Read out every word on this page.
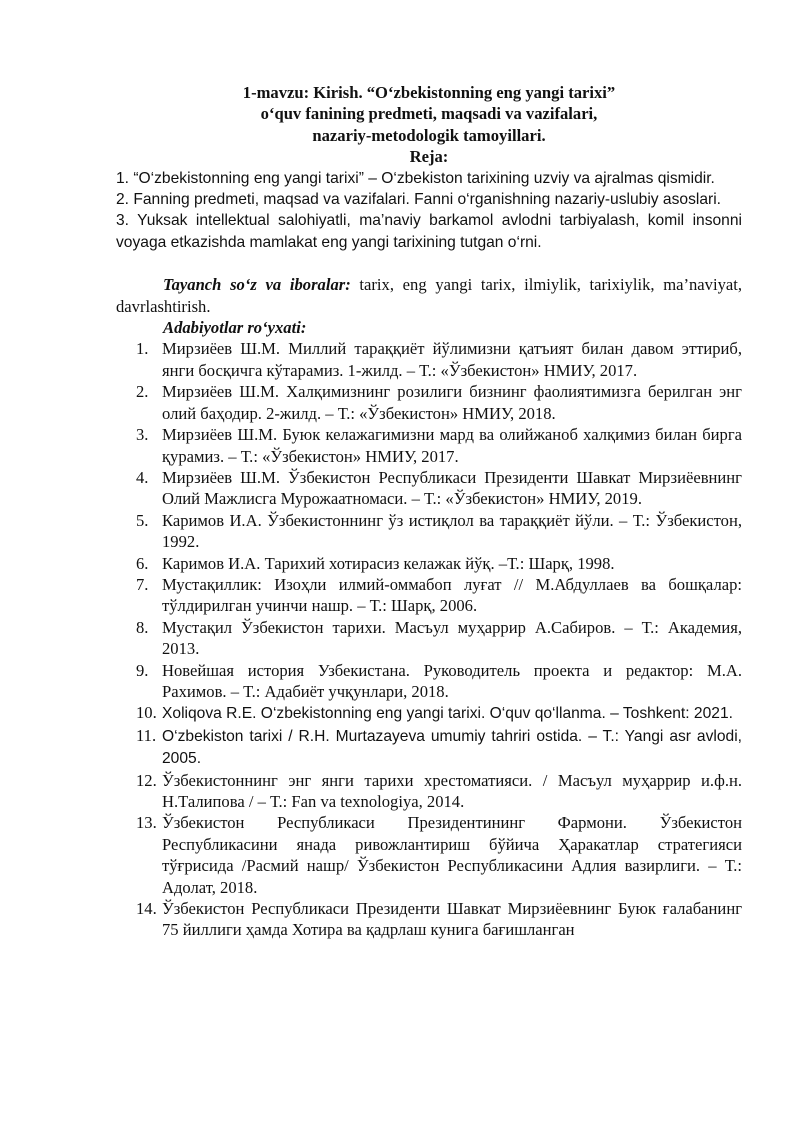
1-mavzu: Kirish. “O‘zbekistonning eng yangi tarixi”
o‘quv fanining predmeti, maqsadi va vazifalari,
nazariy-metodologik tamoyillari.
Reja:

1. “O‘zbekistonning eng yangi tarixi” – O‘zbekiston tarixining uzviy va ajralmas qismidir.

2. Fanning predmeti, maqsad va vazifalari. Fanni o‘rganishning nazariy-uslubiy asoslari.

3. Yuksak intellektual salohiyatli, ma’naviy barkamol avlodni tarbiyalash, komil insonni voyaga etkazishda mamlakat eng yangi tarixining tutgan o‘rni.

Tayanch so‘z va iboralar: tarix, eng yangi tarix, ilmiylik, tarixiylik, ma’naviyat, davrlashtirish.

Adabiyotlar ro‘yxati:
1. Мирзиёев Ш.М. Миллий тараққиёт йўлимизни қатъият билан давом эттириб, янги босқичга кўтарамиз. 1-жилд. – Т.: «Ўзбекистон» НМИУ, 2017.
2. Мирзиёев Ш.М. Халқимизнинг розилиги бизнинг фаолиятимизга берилган энг олий баҳодир. 2-жилд. – Т.: «Ўзбекистон» НМИУ, 2018.
3. Мирзиёев Ш.М. Буюк келажагимизни мард ва олийжаноб халқимиз билан бирга қурамиз. – Т.: «Ўзбекистон» НМИУ, 2017.
4. Мирзиёев Ш.М. Ўзбекистон Республикаси Президенти Шавкат Мирзиёевнинг Олий Мажлисга Мурожаатномаси. – Т.: «Ўзбекистон» НМИУ, 2019.
5. Каримов И.А. Ўзбекистоннинг ўз истиқлол ва тараққиёт йўли. – Т.: Ўзбекистон, 1992.
6. Каримов И.А. Тарихий хотирасиз келажак йўқ. –Т.: Шарқ, 1998.
7. Мустақиллик: Изоҳли илмий-оммабоп луғат // М.Абдуллаев ва бошқалар: тўлдирилган учинчи нашр. – Т.: Шарқ, 2006.
8. Мустақил Ўзбекистон тарихи. Масъул муҳаррир А.Сабиров. – Т.: Академия, 2013.
9. Новейшая история Узбекистана. Руководитель проекта и редактор: М.А. Рахимов. – Т.: Адабиёт учқунлари, 2018.
10. Xoliqova R.E. O‘zbekistonning eng yangi tarixi. O‘quv qo‘llanma. – Toshkent: 2021.
11. O‘zbekiston tarixi / R.H. Murtazayeva umumiy tahriri ostida. – T.: Yangi asr avlodi, 2005.
12. Ўзбекистоннинг энг янги тарихи хрестоматияси. / Масъул муҳаррир и.ф.н. Н.Талипова / – Т.: Fan va texnologiya, 2014.
13. Ўзбекистон Республикаси Президентининг Фармони. Ўзбекистон Республикасини янада ривожлантириш бўйича Ҳаракатлар стратегияси тўғрисида /Расмий нашр/ Ўзбекистон Республикасини Адлия вазирлиги. – Т.: Адолат, 2018.
14. Ўзбекистон Республикаси Президенти Шавкат Мирзиёевнинг Буюк ғалабанинг 75 йиллиги ҳамда Хотира ва қадрлаш кунига бағишланган
